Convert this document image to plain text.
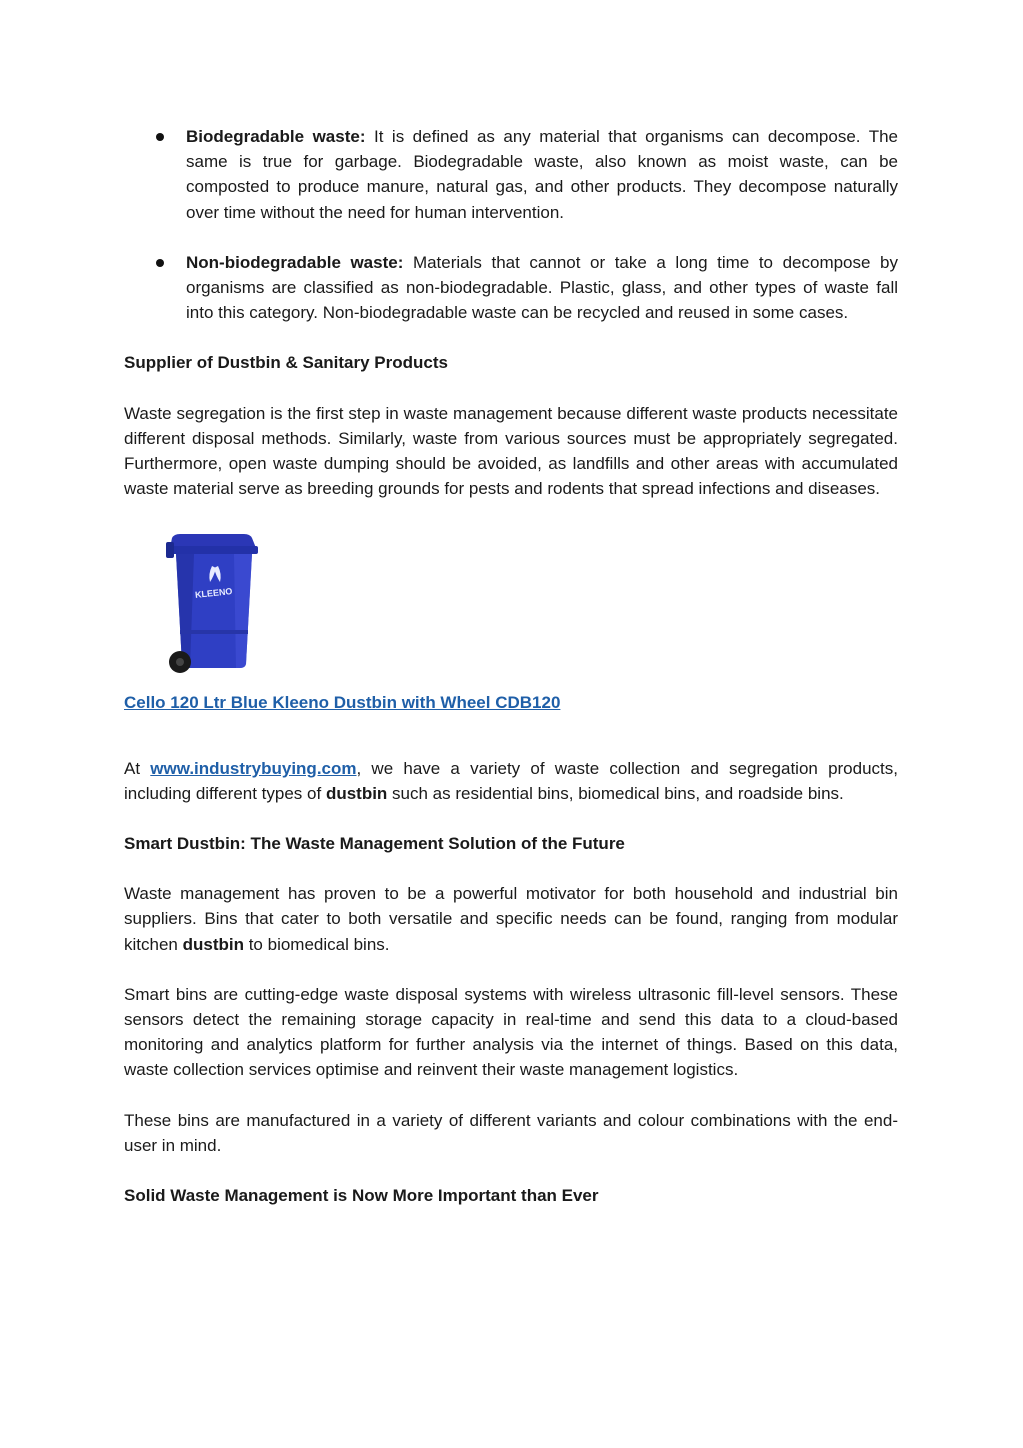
Biodegradable waste: It is defined as any material that organisms can decompose. The same is true for garbage. Biodegradable waste, also known as moist waste, can be composted to produce manure, natural gas, and other products. They decompose naturally over time without the need for human intervention.
Non-biodegradable waste: Materials that cannot or take a long time to decompose by organisms are classified as non-biodegradable. Plastic, glass, and other types of waste fall into this category. Non-biodegradable waste can be recycled and reused in some cases.
Supplier of Dustbin & Sanitary Products

Waste segregation is the first step in waste management because different waste products necessitate different disposal methods. Similarly, waste from various sources must be appropriately segregated. Furthermore, open waste dumping should be avoided, as landfills and other areas with accumulated waste material serve as breeding grounds for pests and rodents that spread infections and diseases.

KLEENO
Cello 120 Ltr Blue Kleeno Dustbin with Wheel CDB120

At www.industrybuying.com, we have a variety of waste collection and segregation products, including different types of dustbin such as residential bins, biomedical bins, and roadside bins.

Smart Dustbin: The Waste Management Solution of the Future

Waste management has proven to be a powerful motivator for both household and industrial bin suppliers. Bins that cater to both versatile and specific needs can be found, ranging from modular kitchen dustbin to biomedical bins.

Smart bins are cutting-edge waste disposal systems with wireless ultrasonic fill-level sensors. These sensors detect the remaining storage capacity in real-time and send this data to a cloud-based monitoring and analytics platform for further analysis via the internet of things. Based on this data, waste collection services optimise and reinvent their waste management logistics.

These bins are manufactured in a variety of different variants and colour combinations with the end-user in mind.

Solid Waste Management is Now More Important than Ever
